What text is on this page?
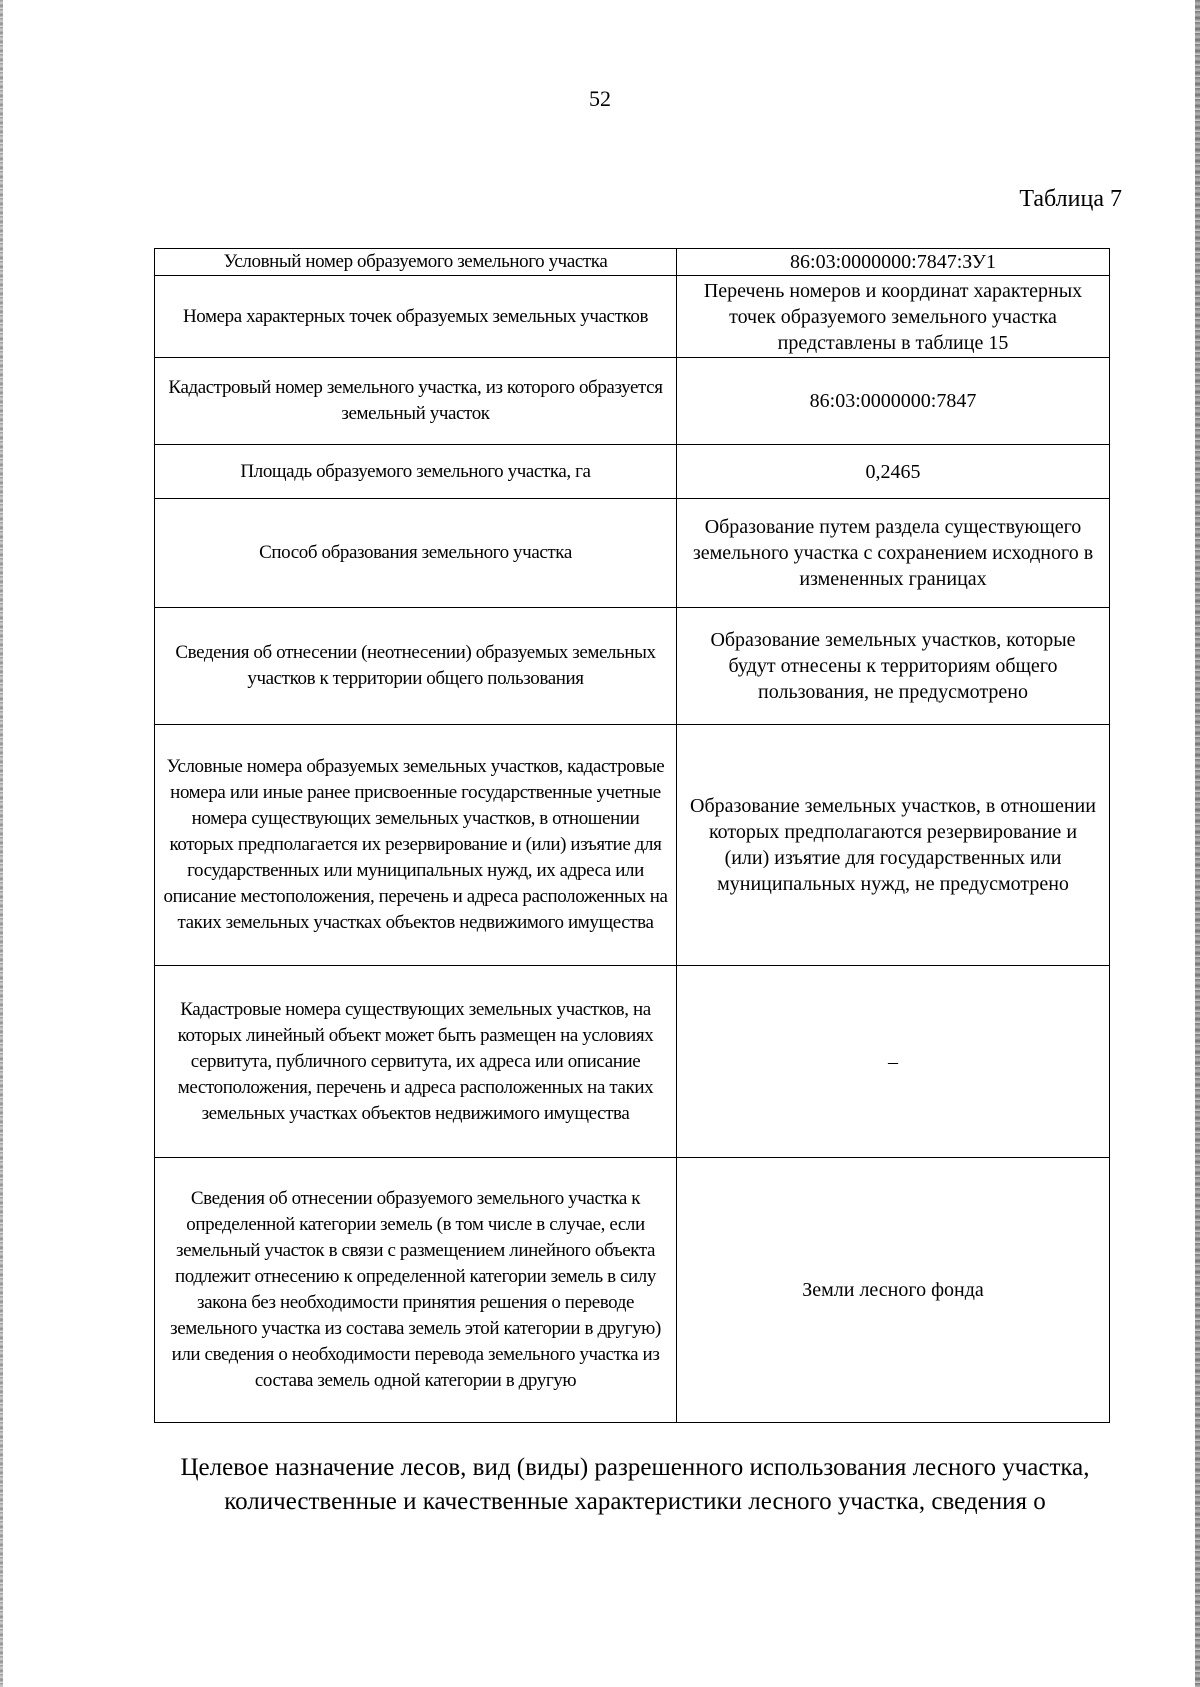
52
Таблица 7
Условный номер образуемого земельного участка	86:03:0000000:7847:ЗУ1
Номера характерных точек образуемых земельных участков	Перечень номеров и координат характерных точек образуемого земельного участка представлены в таблице 15
Кадастровый номер земельного участка, из которого образуется земельный участок	86:03:0000000:7847
Площадь образуемого земельного участка, га	0,2465
Способ образования земельного участка	Образование путем раздела существующего земельного участка с сохранением исходного в измененных границах
Сведения об отнесении (неотнесении) образуемых земельных участков к территории общего пользования	Образование земельных участков, которые будут отнесены к территориям общего пользования, не предусмотрено
Условные номера образуемых земельных участков, кадастровые номера или иные ранее присвоенные государственные учетные номера существующих земельных участков, в отношении которых предполагается их резервирование и (или) изъятие для государственных или муниципальных нужд, их адреса или описание местоположения, перечень и адреса расположенных на таких земельных участках объектов недвижимого имущества	Образование земельных участков, в отношении которых предполагаются резервирование и (или) изъятие для государственных или муниципальных нужд, не предусмотрено
Кадастровые номера существующих земельных участков, на которых линейный объект может быть размещен на условиях сервитута, публичного сервитута, их адреса или описание местоположения, перечень и адреса расположенных на таких земельных участках объектов недвижимого имущества	–
Сведения об отнесении образуемого земельного участка к определенной категории земель (в том числе в случае, если земельный участок в связи с размещением линейного объекта подлежит отнесению к определенной категории земель в силу закона без необходимости принятия решения о переводе земельного участка из состава земель этой категории в другую) или сведения о необходимости перевода земельного участка из состава земель одной категории в другую	Земли лесного фонда
Целевое назначение лесов, вид (виды) разрешенного использования лесного участка, количественные и качественные характеристики лесного участка, сведения о
